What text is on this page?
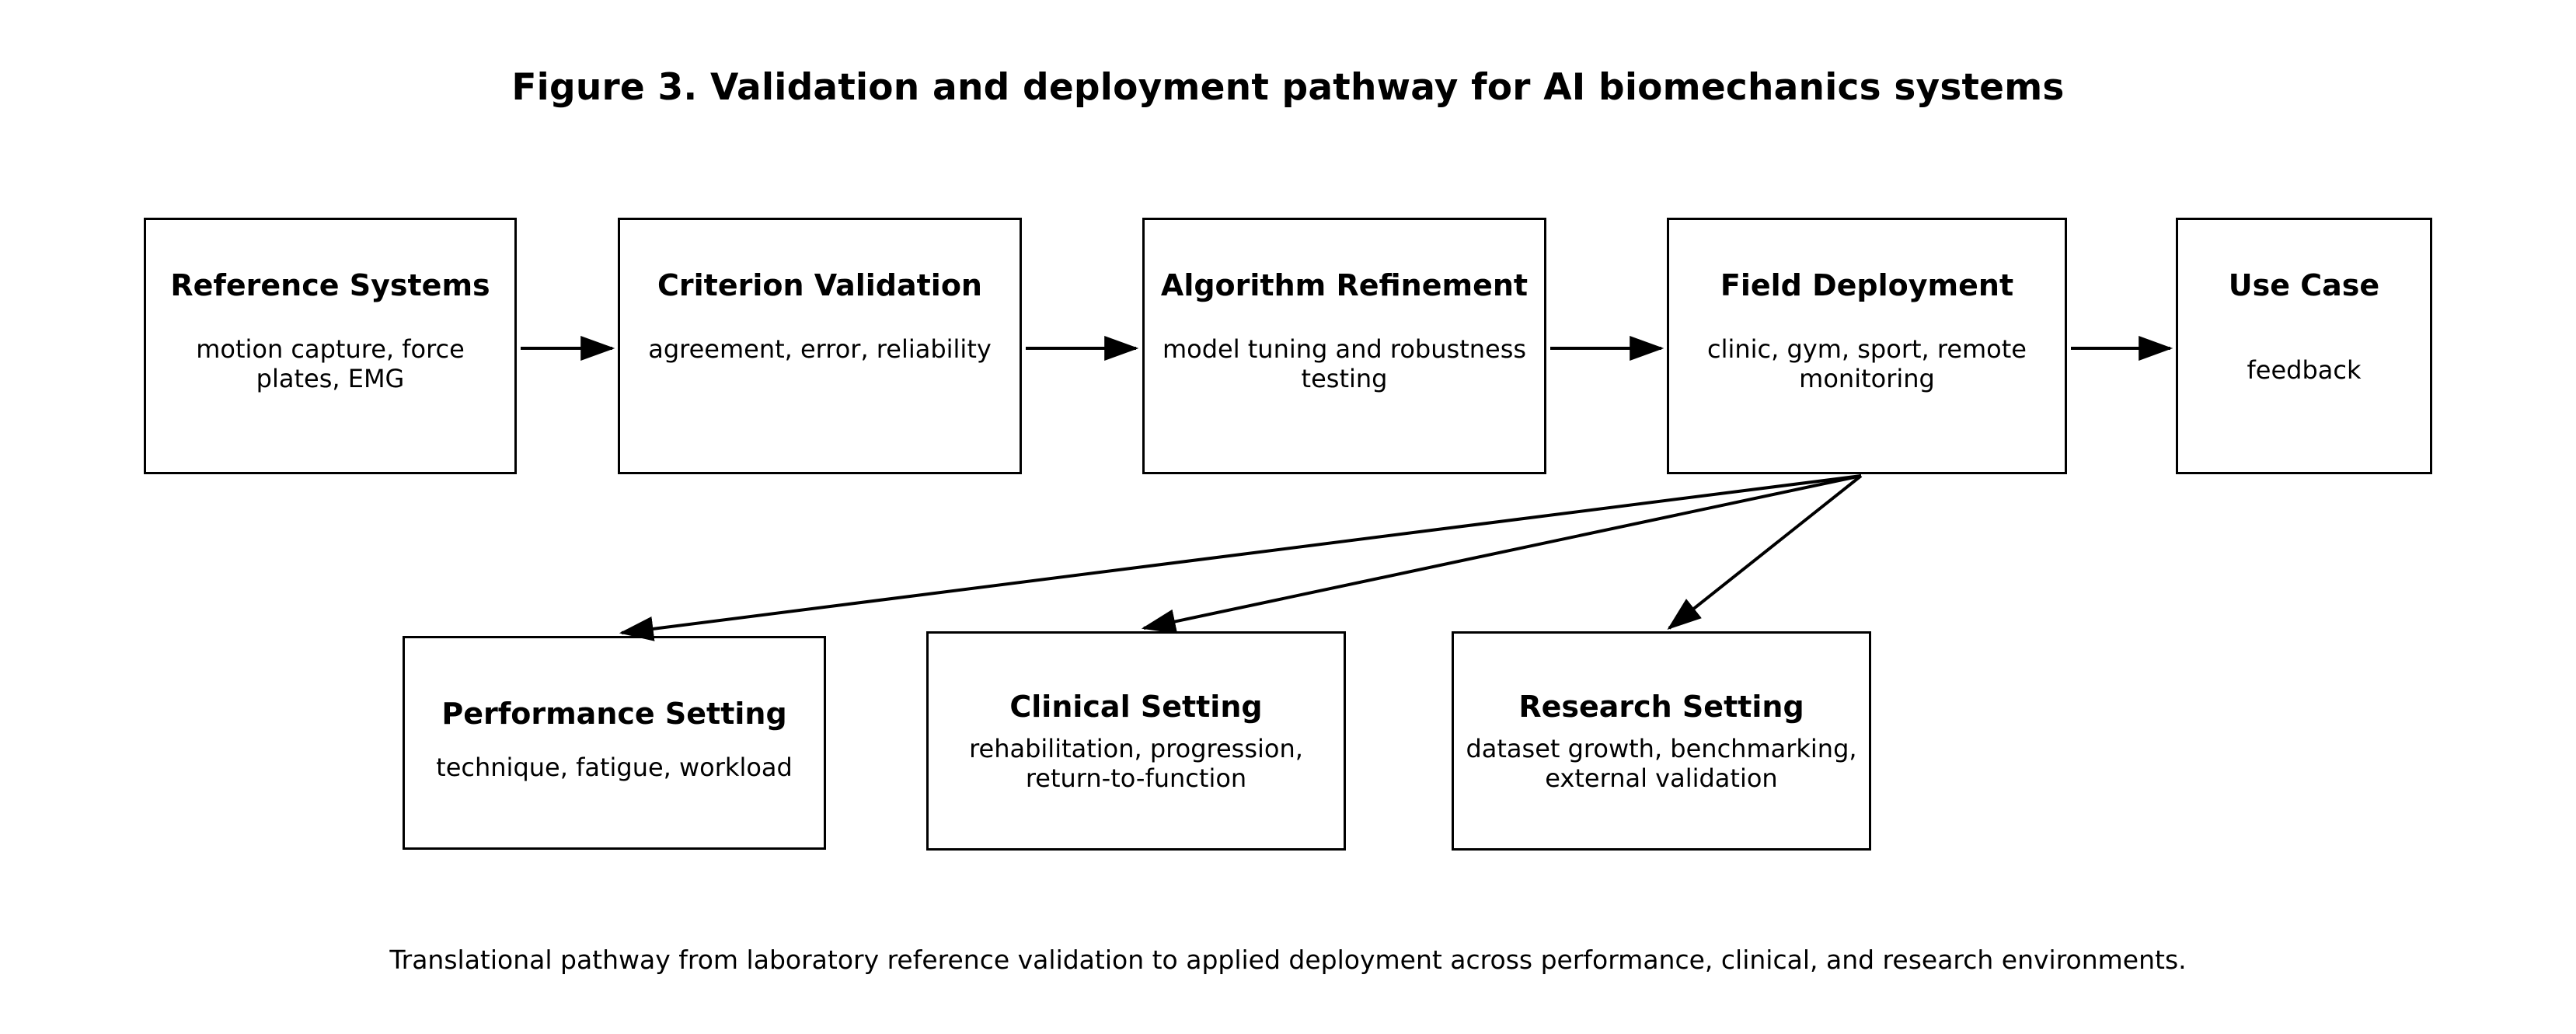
Figure 3. Validation and deployment pathway for AI biomechanics systems
Reference Systems
motion capture, force plates, EMG
Criterion Validation
agreement, error, reliability
Algorithm Refinement
model tuning and robustness testing
Field Deployment
clinic, gym, sport, remote monitoring
Use Case
feedback
Performance Setting
technique, fatigue, workload
Clinical Setting
rehabilitation, progression, return-to-function
Research Setting
dataset growth, benchmarking, external validation
Translational pathway from laboratory reference validation to applied deployment across performance, clinical, and research environments.
